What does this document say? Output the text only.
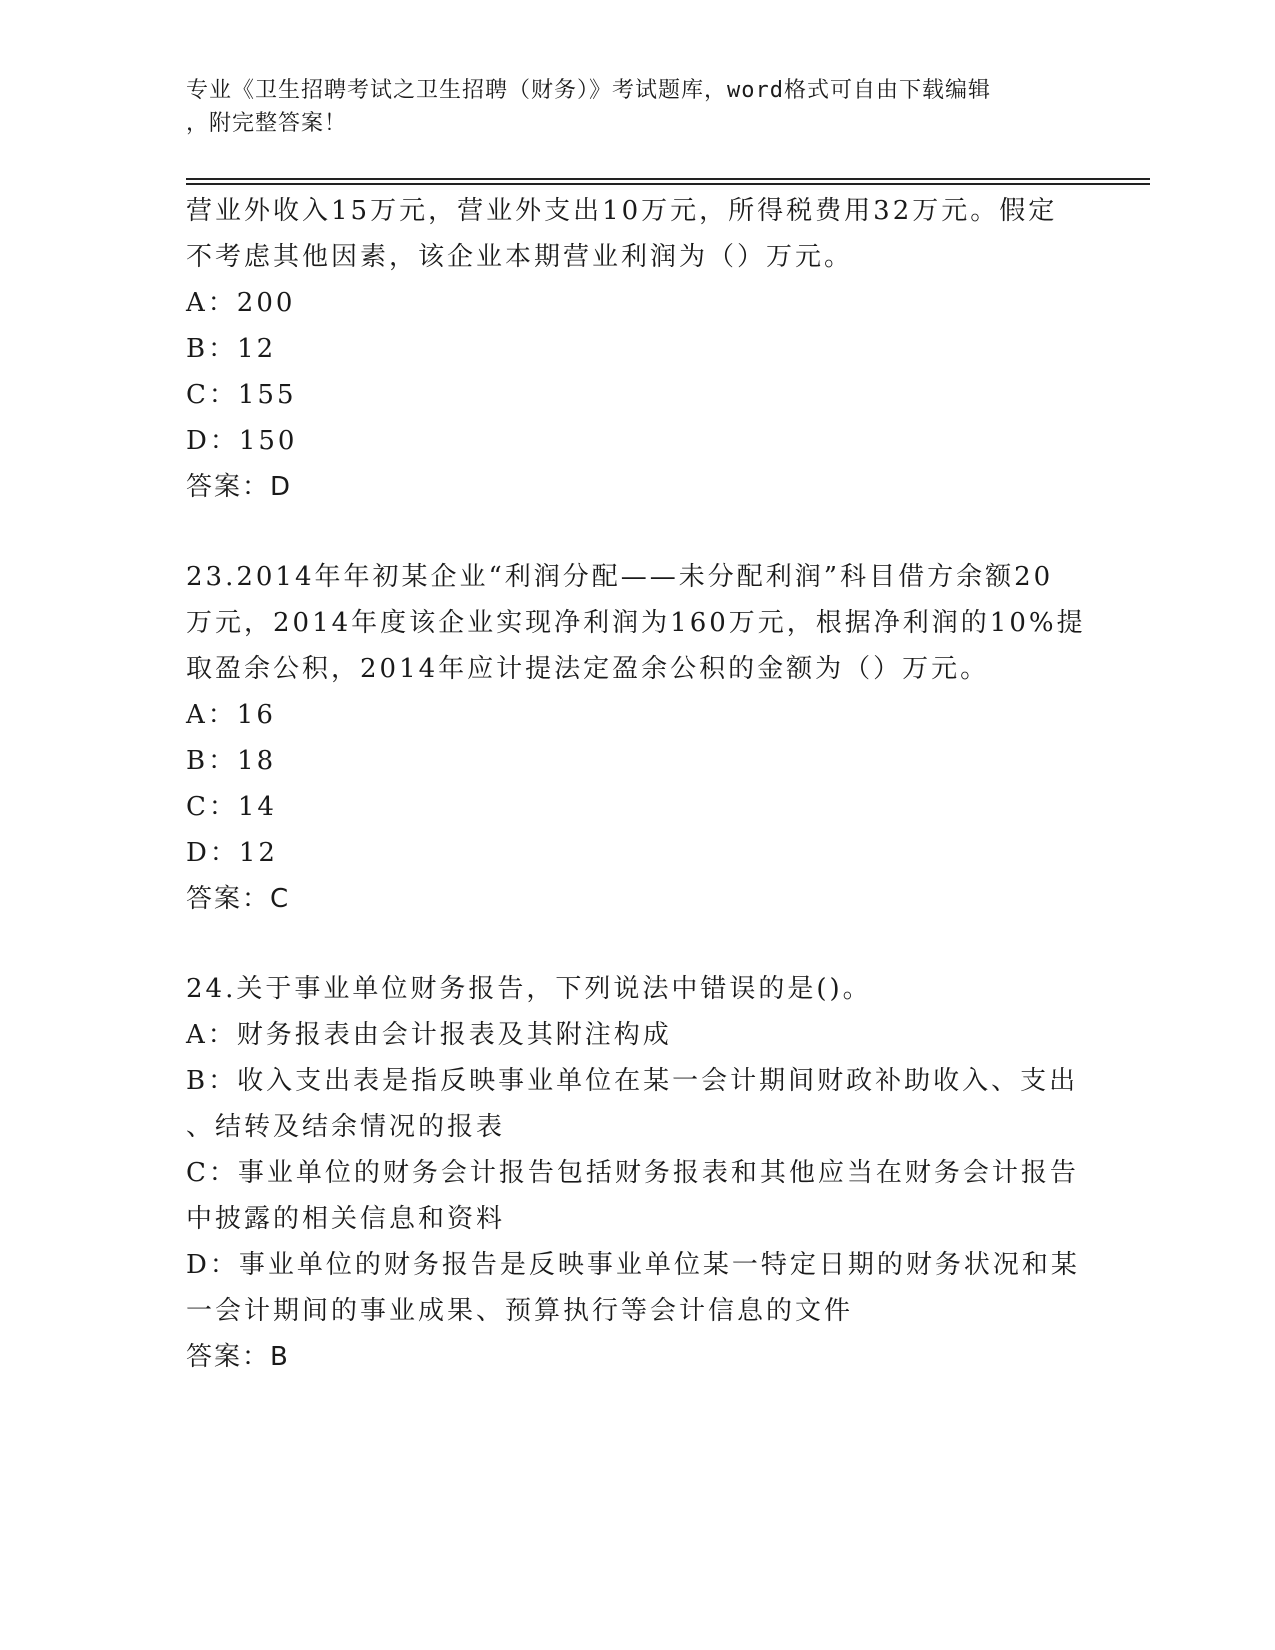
专业《卫生招聘考试之卫生招聘（财务）》考试题库，word格式可自由下载编辑
，附完整答案！
营业外收入15万元，营业外支出10万元，所得税费用32万元。假定
不考虑其他因素，该企业本期营业利润为（）万元。
A：200
B：12
C：155
D：150
答案：D
23.2014年年初某企业“利润分配——未分配利润”科目借方余额20
万元，2014年度该企业实现净利润为160万元，根据净利润的10%提
取盈余公积，2014年应计提法定盈余公积的金额为（）万元。
A：16
B：18
C：14
D：12
答案：C
24.关于事业单位财务报告，下列说法中错误的是()。
A：财务报表由会计报表及其附注构成
B：收入支出表是指反映事业单位在某一会计期间财政补助收入、支出
、结转及结余情况的报表
C：事业单位的财务会计报告包括财务报表和其他应当在财务会计报告
中披露的相关信息和资料
D：事业单位的财务报告是反映事业单位某一特定日期的财务状况和某
一会计期间的事业成果、预算执行等会计信息的文件
答案：B
